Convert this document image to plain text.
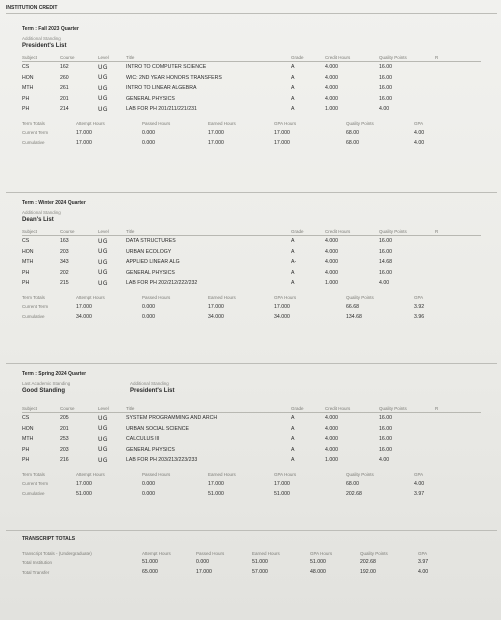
INSTITUTION CREDIT
Term : Fall 2023 Quarter
Additional Standing
President's List
Subject	Course	Level	Title	Grade	Credit Hours	Quality Points	R
CS	162	UG	INTRO TO COMPUTER SCIENCE	A	4.000	16.00	
HON	260	UG	WIC: 2ND YEAR HONORS TRANSFERS	A	4.000	16.00	
MTH	261	UG	INTRO TO LINEAR ALGEBRA	A	4.000	16.00	
PH	201	UG	GENERAL PHYSICS	A	4.000	16.00	
PH	214	UG	LAB FOR PH 201/211/221/231	A	1.000	4.00	
Term Totals	Attempt Hours	Passed Hours	Earned Hours	GPA Hours	Quality Points	GPA
Current Term	17.000	0.000	17.000	17.000	68.00	4.00
Cumulative	17.000	0.000	17.000	17.000	68.00	4.00
Term : Winter 2024 Quarter
Additional Standing
Dean's List
Subject	Course	Level	Title	Grade	Credit Hours	Quality Points	R
CS	163	UG	DATA STRUCTURES	A	4.000	16.00	
HON	203	UG	URBAN ECOLOGY	A	4.000	16.00	
MTH	343	UG	APPLIED LINEAR ALG	A-	4.000	14.68	
PH	202	UG	GENERAL PHYSICS	A	4.000	16.00	
PH	215	UG	LAB FOR PH 202/212/222/232	A	1.000	4.00	
Term Totals	Attempt Hours	Passed Hours	Earned Hours	GPA Hours	Quality Points	GPA
Current Term	17.000	0.000	17.000	17.000	66.68	3.92
Cumulative	34.000	0.000	34.000	34.000	134.68	3.96
Term : Spring 2024 Quarter
Last Academic Standing
Good Standing
Additional Standing
President's List
Subject	Course	Level	Title	Grade	Credit Hours	Quality Points	R
CS	205	UG	SYSTEM PROGRAMMING AND ARCH	A	4.000	16.00	
HON	201	UG	URBAN SOCIAL SCIENCE	A	4.000	16.00	
MTH	253	UG	CALCULUS III	A	4.000	16.00	
PH	203	UG	GENERAL PHYSICS	A	4.000	16.00	
PH	216	UG	LAB FOR PH 203/213/223/233	A	1.000	4.00	
Term Totals	Attempt Hours	Passed Hours	Earned Hours	GPA Hours	Quality Points	GPA
Current Term	17.000	0.000	17.000	17.000	68.00	4.00
Cumulative	51.000	0.000	51.000	51.000	202.68	3.97
TRANSCRIPT TOTALS
Transcript Totals - (Undergraduate)	Attempt Hours	Passed Hours	Earned Hours	GPA Hours	Quality Points	GPA
Total Institution	51.000	0.000	51.000	51.000	202.68	3.97
Total Transfer	65.000	17.000	57.000	48.000	192.00	4.00
